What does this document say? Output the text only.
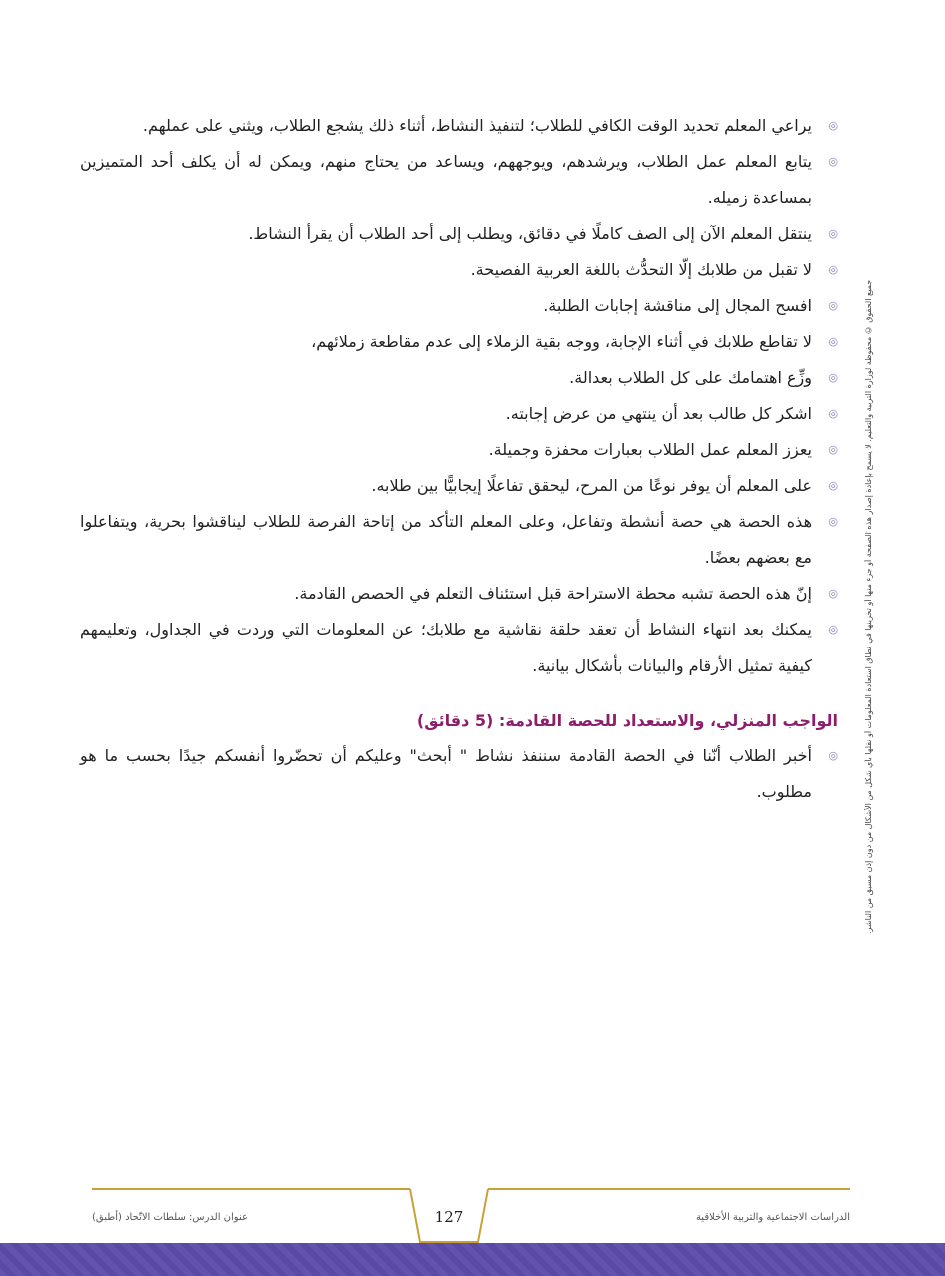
◎
يراعي المعلم تحديد الوقت الكافي للطلاب؛ لتنفيذ النشاط، أثناء ذلك يشجع الطلاب، ويثني على عملهم.
◎
يتابع المعلم عمل الطلاب، ويرشدهم، ويوجههم، ويساعد من يحتاج منهم، ويمكن له أن يكلف أحد المتميزين بمساعدة زميله.
◎
ينتقل المعلم الآن إلى الصف كاملًا في دقائق، ويطلب إلى أحد الطلاب أن يقرأ النشاط.
◎
لا تقبل من طلابك إلّا التحدُّث باللغة العربية الفصيحة.
◎
افسح المجال إلى مناقشة إجابات الطلبة.
◎
لا تقاطع طلابك في أثناء الإجابة، ووجه بقية الزملاء إلى عدم مقاطعة زملائهم،
◎
وزِّع اهتمامك على كل الطلاب بعدالة.
◎
اشكر كل طالب بعد أن ينتهي من عرض إجابته.
◎
يعزز المعلم عمل الطلاب بعبارات محفزة وجميلة.
◎
على المعلم أن يوفر نوعًا من المرح، ليحقق تفاعلًا إيجابيًّا بين طلابه.
◎
هذه الحصة هي حصة أنشطة وتفاعل، وعلى المعلم التأكد من إتاحة الفرصة للطلاب ليناقشوا بحرية، ويتفاعلوا مع بعضهم بعضًا.
◎
إنّ هذه الحصة تشبه محطة الاستراحة قبل استئناف التعلم في الحصص القادمة.
◎
يمكنك بعد انتهاء النشاط أن تعقد حلقة نقاشية مع طلابك؛ عن المعلومات التي وردت في الجداول، وتعليمهم كيفية تمثيل الأرقام والبيانات بأشكال بيانية.
الواجب المنزلي، والاستعداد للحصة القادمة: (5 دقائق)
◎
أخبر الطلاب أنّنا في الحصة القادمة سننفذ نشاط " أبحث" وعليكم أن تحضّروا أنفسكم جيدًا بحسب ما هو مطلوب.	جميع الحقوق © محفوظة لوزارة التربية والتعليم. لا يسمح بإعادة إصدار هذه الصفحة أو جزء منها أو تخزينها في نطاق استعادة المعلومات أو نقلها بأي شكل من الأشكال من دون إذن مسبق من الناشر.
127
عنوان الدرس: سلطات الاتّحاد (أطبق)	الدراسات الاجتماعية والتربية الأخلاقية
